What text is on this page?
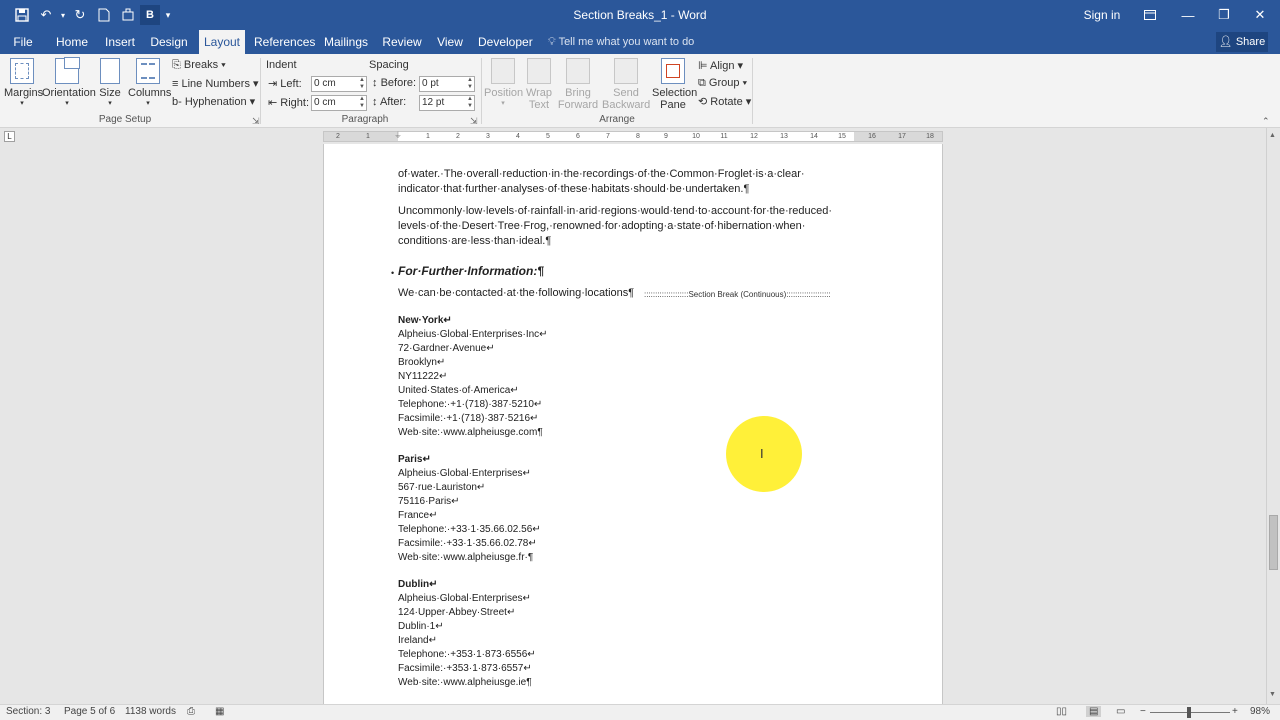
↶	▾ ↻	B	▾	Section Breaks_1 - Word	Sign in	—	❐	✕
File	Home	Insert Design	Layout	References Mailings Review View Developer 💡︎ Tell me what you want to do	👤︎ Share
Margins
▾
Orientation
▾
Size
▾
Columns
▾
⎘ Breaks ▾
≡ Line Numbers ▾
b- Hyphenation ▾
Page Setup	⇲
Indent	Spacing
⇥ Left:	0 cm	▲
▼
⇤ Right: 0 cm	▲
▼
↕ Before: 0 pt	▲
▼
↕ After:	12 pt	▲
▼
Paragraph	⇲
Position
▾
Wrap
Text
Bring
Forward
Send
Backward
Selection
Pane
⊫ Align ▾
⧉ Group ▾
⟲ Rotate ▾
Arrange	⌃
L	2	1	⏚	1	2	3	4	5	6	7	8	9	10	11	12	13	14	15	16	17	18
of·water.·The·overall·reduction·in·the·recordings·of·the·Common·Froglet·is·a·clear·
indicator·that·further·analyses·of·these·habitats·should·be·undertaken.¶
Uncommonly·low·levels·of·rainfall·in·arid·regions·would·tend·to·account·for·the·reduced·
levels·of·the·Desert·Tree·Frog,·renowned·for·adopting·a·state·of·hibernation·when·
conditions·are·less·than·ideal.¶
• For·Further·Information:¶
We·can·be·contacted·at·the·following·locations¶	::::::::::::::::::::Section Break (Continuous)::::::::::::::::::::
New·York↵
Alpheius·Global·Enterprises·Inc↵
72·Gardner·Avenue↵
Brooklyn↵
NY11222↵
United·States·of·America↵
Telephone:·+1·(718)·387·5210↵
Facsimile:·+1·(718)·387·5216↵
Web·site:·www.alpheiusge.com¶
Paris↵
Alpheius·Global·Enterprises↵
567·rue·Lauriston↵
75116·Paris↵
France↵
Telephone:·+33·1·35.66.02.56↵
Facsimile:·+33·1·35.66.02.78↵
Web·site:·www.alpheiusge.fr·¶
Dublin↵
Alpheius·Global·Enterprises↵
124·Upper·Abbey·Street↵
Dublin·1↵
Ireland↵
Telephone:·+353·1·873·6556↵
Facsimile:·+353·1·873·6557↵
Web·site:·www.alpheiusge.ie¶
I
▲
▼
Section: 3 Page 5 of 6 1138 words ⎙ ▦	▯▯	▤	▭ −	+ 98%
